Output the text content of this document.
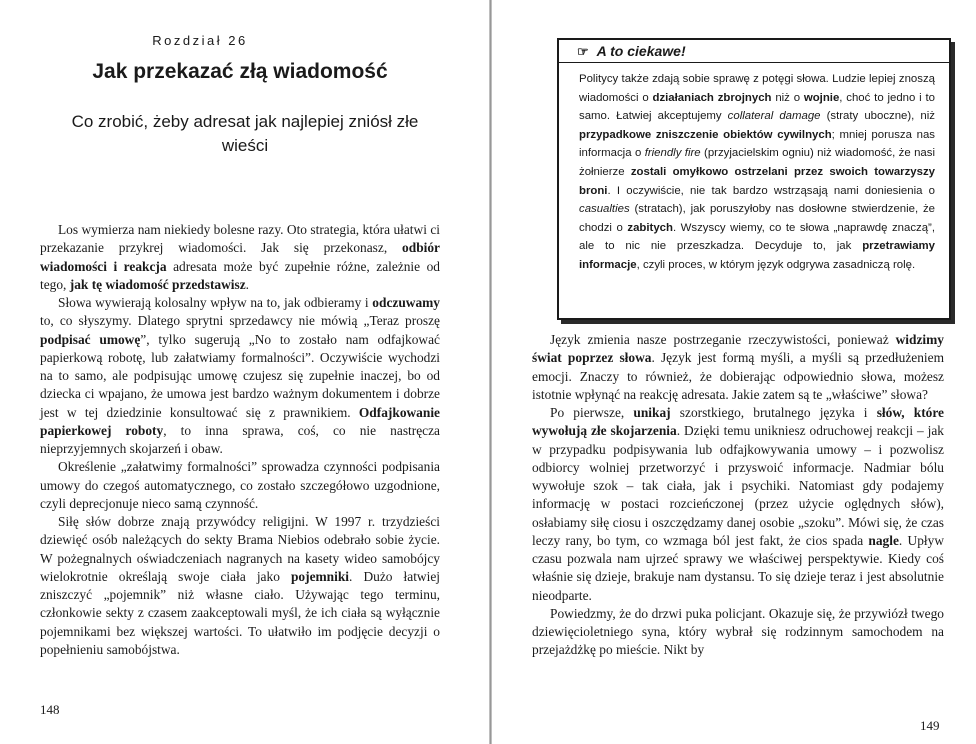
Rozdział 26
Jak przekazać złą wiadomość
Co zrobić, żeby adresat jak najlepiej zniósł złe wieści

Los wymierza nam niekiedy bolesne razy. Oto strategia, która ułatwi ci przekazanie przykrej wiadomości. Jak się przekonasz, odbiór wiadomości i reakcja adresata może być zupełnie różne, zależnie od tego, jak tę wiadomość przedstawisz.

Słowa wywierają kolosalny wpływ na to, jak odbieramy i odczuwamy to, co słyszymy. Dlatego sprytni sprzedawcy nie mówią „Teraz proszę podpisać umowę”, tylko sugerują „No to zostało nam odfajkować papierkową robotę, lub załatwiamy formalności”. Oczywiście wychodzi na to samo, ale podpisując umowę czujesz się zupełnie inaczej, bo od dziecka ci wpajano, że umowa jest bardzo ważnym dokumentem i dobrze jest w tej dziedzinie konsultować się z prawnikiem. Odfajkowanie papierkowej roboty, to inna sprawa, coś, co nie nastręcza nieprzyjemnych skojarzeń i obaw.

Określenie „załatwimy formalności” sprowadza czynności podpisania umowy do czegoś automatycznego, co zostało szczegółowo uzgodnione, czyli deprecjonuje nieco samą czynność.

Siłę słów dobrze znają przywódcy religijni. W 1997 r. trzydzieści dziewięć osób należących do sekty Brama Niebios odebrało sobie życie. W pożegnalnych oświadczeniach nagranych na kasety wideo samobójcy wielokrotnie określają swoje ciała jako pojemniki. Dużo łatwiej zniszczyć „pojemnik” niż własne ciało. Używając tego terminu, członkowie sekty z czasem zaakceptowali myśl, że ich ciała są wyłącznie pojemnikami bez większej wartości. To ułatwiło im podjęcie decyzji o popełnieniu samobójstwa.

148
☞ A to ciekawe!

Politycy także zdają sobie sprawę z potęgi słowa. Ludzie lepiej znoszą wiadomości o działaniach zbrojnych niż o wojnie, choć to jedno i to samo. Łatwiej akceptujemy collateral damage (straty uboczne), niż przypadkowe zniszczenie obiektów cywilnych; mniej porusza nas informacja o friendly fire (przyjacielskim ogniu) niż wiadomość, że nasi żołnierze zostali omyłkowo ostrzelani przez swoich towarzyszy broni. I oczywiście, nie tak bardzo wstrząsają nami doniesienia o casualties (stratach), jak poruszyłoby nas dosłowne stwierdzenie, że chodzi o zabitych. Wszyscy wiemy, co te słowa „naprawdę znaczą”, ale to nic nie przeszkadza. Decyduje to, jak przetrawiamy informacje, czyli proces, w którym język odgrywa zasadniczą rolę.

Język zmienia nasze postrzeganie rzeczywistości, ponieważ widzimy świat poprzez słowa. Język jest formą myśli, a myśli są przedłużeniem emocji. Znaczy to również, że dobierając odpowiednio słowa, możesz istotnie wpłynąć na reakcję adresata. Jakie zatem są te „właściwe” słowa?

Po pierwsze, unikaj szorstkiego, brutalnego języka i słów, które wywołują złe skojarzenia. Dzięki temu unikniesz odruchowej reakcji – jak w przypadku podpisywania lub odfajkowywania umowy – i pozwolisz odbiorcy wolniej przetworzyć i przyswoić informacje. Nadmiar bólu wywołuje szok – tak ciała, jak i psychiki. Natomiast gdy podajemy informację w postaci rozcieńczonej (przez użycie oględnych słów), osłabiamy siłę ciosu i oszczędzamy danej osobie „szoku”. Mówi się, że czas leczy rany, bo tym, co wzmaga ból jest fakt, że cios spada nagle. Upływ czasu pozwala nam ujrzeć sprawy we właściwej perspektywie. Kiedy coś właśnie się dzieje, brakuje nam dystansu. To się dzieje teraz i jest absolutnie nieodparte.

Powiedzmy, że do drzwi puka policjant. Okazuje się, że przywiózł twego dziewięcioletniego syna, który wybrał się rodzinnym samochodem na przejażdżkę po mieście. Nikt by

149
